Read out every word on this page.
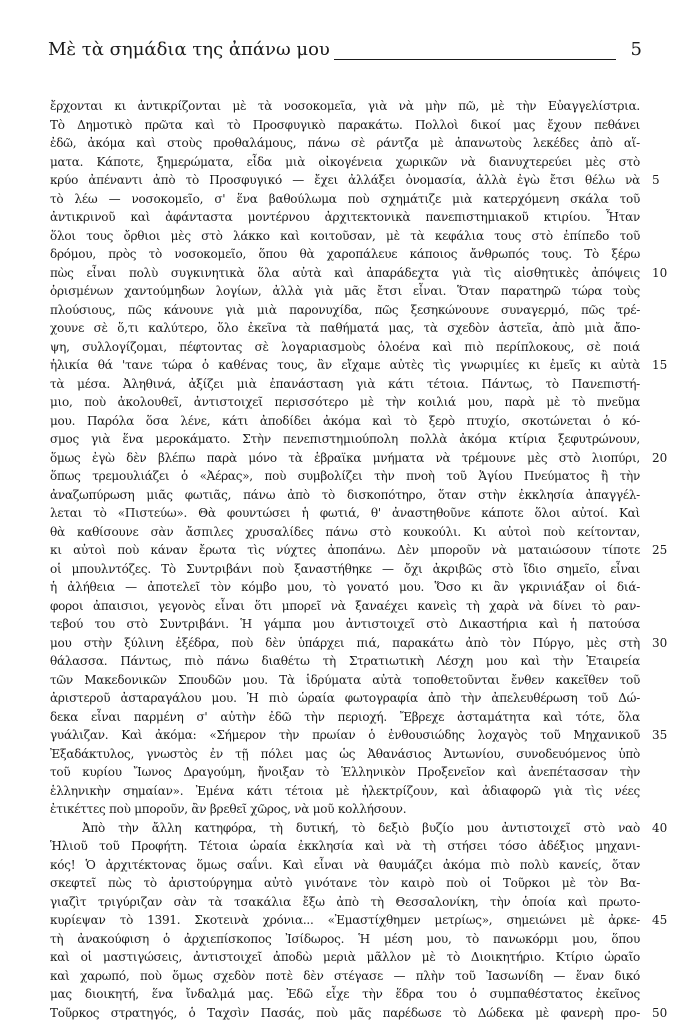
Μὲ τὰ σημάδια της ἀπάνω μου	5
ἔρχονται κι ἀντικρίζονται μὲ τὰ νοσοκομεῖα, γιὰ νὰ μὴν πῶ, μὲ τὴν Εὐαγγελίστρια.
Τὸ Δημοτικὸ πρῶτα καὶ τὸ Προσφυγικὸ παρακάτω. Πολλοὶ δικοί μας ἔχουν πεθάνει
ἐδῶ, ἀκόμα καὶ στοὺς προθαλάμους, πάνω σὲ ράντζα μὲ ἀπανωτοὺς λεκέδες ἀπὸ αἵ-
ματα. Κάποτε, ξημερώματα, εἶδα μιὰ οἰκογένεια χωρικῶν νὰ διανυχτερεύει μὲς στὸ
κρύο ἀπέναντι ἀπὸ τὸ Προσφυγικό — ἔχει ἀλλάξει ὀνομασία, ἀλλὰ ἐγὼ ἔτσι θέλω νὰ
τὸ λέω — νοσοκομεῖο, σ' ἕνα βαθούλωμα ποὺ σχημάτιζε μιὰ κατερχόμενη σκάλα τοῦ
ἀντικρινοῦ καὶ ἀφάνταστα μοντέρνου ἀρχιτεκτονικὰ πανεπιστημιακοῦ κτιρίου. Ἦταν
ὅλοι τους ὄρθιοι μὲς στὸ λάκκο καὶ κοιτοῦσαν, μὲ τὰ κεφάλια τους στὸ ἐπίπεδο τοῦ
δρόμου, πρὸς τὸ νοσοκομεῖο, ὅπου θὰ χαροπάλευε κάποιος ἄνθρωπός τους. Τὸ ξέρω
πὼς εἶναι πολὺ συγκινητικὰ ὅλα αὐτὰ καὶ ἀπαράδεχτα γιὰ τὶς αἰσθητικὲς ἀπόψεις
ὁρισμένων χαντούμηδων λογίων, ἀλλὰ γιὰ μᾶς ἔτσι εἶναι. Ὅταν παρατηρῶ τώρα τοὺς
πλούσιους, πῶς κάνουνε γιὰ μιὰ παρονυχίδα, πῶς ξεσηκώνουνε συναγερμό, πῶς τρέ-
χουνε σὲ ὅ,τι καλύτερο, ὅλο ἐκεῖνα τὰ παθήματά μας, τὰ σχεδὸν ἀστεῖα, ἀπὸ μιὰ ἄπο-
ψη, συλλογίζομαι, πέφτοντας σὲ λογαριασμοὺς ὁλοένα καὶ πιὸ περίπλοκους, σὲ ποιά
ἡλικία θά 'τανε τώρα ὁ καθένας τους, ἂν εἴχαμε αὐτὲς τὶς γνωριμίες κι ἐμεῖς κι αὐτὰ
τὰ μέσα. Ἀληθινά, ἀξίζει μιὰ ἐπανάσταση γιὰ κάτι τέτοια. Πάντως, τὸ Πανεπιστή-
μιο, ποὺ ἀκολουθεῖ, ἀντιστοιχεῖ περισσότερο μὲ τὴν κοιλιά μου, παρὰ μὲ τὸ πνεῦμα
μου. Παρόλα ὅσα λένε, κάτι ἀποδίδει ἀκόμα καὶ τὸ ξερὸ πτυχίο, σκοτώνεται ὁ κό-
σμος γιὰ ἕνα μεροκάματο. Στὴν πενεπιστημιούπολη πολλὰ ἀκόμα κτίρια ξεφυτρώνουν,
ὅμως ἐγὼ δὲν βλέπω παρὰ μόνο τὰ ἑβραϊκα μνήματα νὰ τρέμουνε μὲς στὸ λιοπύρι,
ὅπως τρεμουλιάζει ὁ «Ἀέρας», ποὺ συμβολίζει τὴν πνοὴ τοῦ Ἁγίου Πνεύματος ἢ τὴν
ἀναζωπύρωση μιᾶς φωτιᾶς, πάνω ἀπὸ τὸ δισκοπότηρο, ὅταν στὴν ἐκκλησία ἀπαγγέλ-
λεται τὸ «Πιστεύω». Θὰ φουντώσει ἡ φωτιά, θ' ἀναστηθοῦνε κάποτε ὅλοι αὐτοί. Καὶ
θὰ καθίσουνε σὰν ἄσπιλες χρυσαλίδες πάνω στὸ κουκούλι. Κι αὐτοὶ ποὺ κείτονταν,
κι αὐτοὶ ποὺ κάναν ἔρωτα τὶς νύχτες ἀποπάνω. Δὲν μποροῦν νὰ ματαιώσουν τίποτε
οἱ μπουλντόζες. Τὸ Συντριβάνι ποὺ ξαναστήθηκε — ὄχι ἀκριβῶς στὸ ἴδιο σημεῖο, εἶναι
ἡ ἀλήθεια — ἀποτελεῖ τὸν κόμβο μου, τὸ γονατό μου. Ὅσο κι ἂν γκρινιάξαν οἱ διά-
φοροι ἀπαισιοι, γεγονὸς εἶναι ὅτι μπορεῖ νὰ ξαναέχει κανεὶς τὴ χαρὰ νὰ δίνει τὸ ραν-
τεβού του στὸ Συντριβάνι. Ἡ γάμπα μου ἀντιστοιχεῖ στὸ Δικαστήρια καὶ ἡ πατούσα
μου στὴν ξύλινη ἐξέδρα, ποὺ δὲν ὑπάρχει πιά, παρακάτω ἀπὸ τὸν Πύργο, μὲς στὴ
θάλασσα. Πάντως, πιὸ πάνω διαθέτω τὴ Στρατιωτικὴ Λέσχη μου καὶ τὴν Ἑταιρεία
τῶν Μακεδονικῶν Σπουδῶν μου. Τὰ ἱδρύματα αὐτὰ τοποθετοῦνται ἔνθεν κακεῖθεν τοῦ
ἀριστεροῦ ἀσταραγάλου μου. Ἡ πιὸ ὡραία φωτογραφία ἀπὸ τὴν ἀπελευθέρωση τοῦ Δώ-
δεκα εἶναι παρμένη σ' αὐτὴν ἐδῶ τὴν περιοχή. Ἔβρεχε ἀσταμάτητα καὶ τότε, ὅλα
γυάλιζαν. Καὶ ἀκόμα: «Σήμερον τὴν πρωίαν ὁ ἐνθουσιώδης λοχαγὸς τοῦ Μηχανικοῦ
Ἐξαδάκτυλος, γνωστὸς ἐν τῇ πόλει μας ὡς Ἀθανάσιος Ἀντωνίου, συνοδευόμενος ὑπὸ
τοῦ κυρίου Ἴωνος Δραγούμη, ἤνοιξαν τὸ Ἑλληνικὸν Προξενεῖον καὶ ἀνεπέτασσαν τὴν
ἑλληνικὴν σημαίαν». Ἐμένα κάτι τέτοια μὲ ἠλεκτρίζουν, καὶ ἀδιαφορῶ γιὰ τὶς νέες
ἐτικέττες ποὺ μποροῦν, ἂν βρεθεῖ χῶρος, νὰ μοῦ κολλήσουν.
Ἀπὸ τὴν ἄλλη κατηφόρα, τὴ δυτική, τὸ δεξιὸ βυζίο μου ἀντιστοιχεῖ στὸ ναὸ
Ἡλιοῦ τοῦ Προφήτη. Τέτοια ὡραία ἐκκλησία καὶ νὰ τὴ στήσει τόσο ἀδέξιος μηχανι-
κός! Ὁ ἀρχιτέκτονας ὅμως σαΐνι. Καὶ εἶναι νὰ θαυμάζει ἀκόμα πιὸ πολὺ κανείς, ὅταν
σκεφτεῖ πὼς τὸ ἀριστούργημα αὐτὸ γινότανε τὸν καιρὸ ποὺ οἱ Τοῦρκοι μὲ τὸν Βα-
γιαζὶτ τριγύριζαν σὰν τὰ τσακάλια ἔξω ἀπὸ τὴ Θεσσαλονίκη, τὴν ὁποία καὶ πρωτο-
κυρίεψαν τὸ 1391. Σκοτεινὰ χρόνια... «Ἐμαστίχθημεν μετρίως», σημειώνει μὲ ἀρκε-
τὴ ἀνακούφιση ὁ ἀρχιεπίσκοπος Ἰσίδωρος. Ἡ μέση μου, τὸ πανωκόρμι μου, ὅπου
καὶ οἱ μαστιγώσεις, ἀντιστοιχεῖ ἀποδὼ μεριὰ μᾶλλον μὲ τὸ Διοικητήριο. Κτίριο ὡραῖο
καὶ χαρωπό, ποὺ ὅμως σχεδὸν ποτὲ δὲν στέγασε — πλὴν τοῦ Ἰασωνίδη — ἕναν δικό
μας διοικητή, ἕνα ἴνδαλμά μας. Ἐδῶ εἶχε τὴν ἕδρα του ὁ συμπαθέστατος ἐκεῖνος
Τοῦρκος στρατηγός, ὁ Ταχσὶν Πασάς, ποὺ μᾶς παρέδωσε τὸ Δώδεκα μὲ φανερὴ προ-
5
10
15
20
25
30
35
40
45
50
